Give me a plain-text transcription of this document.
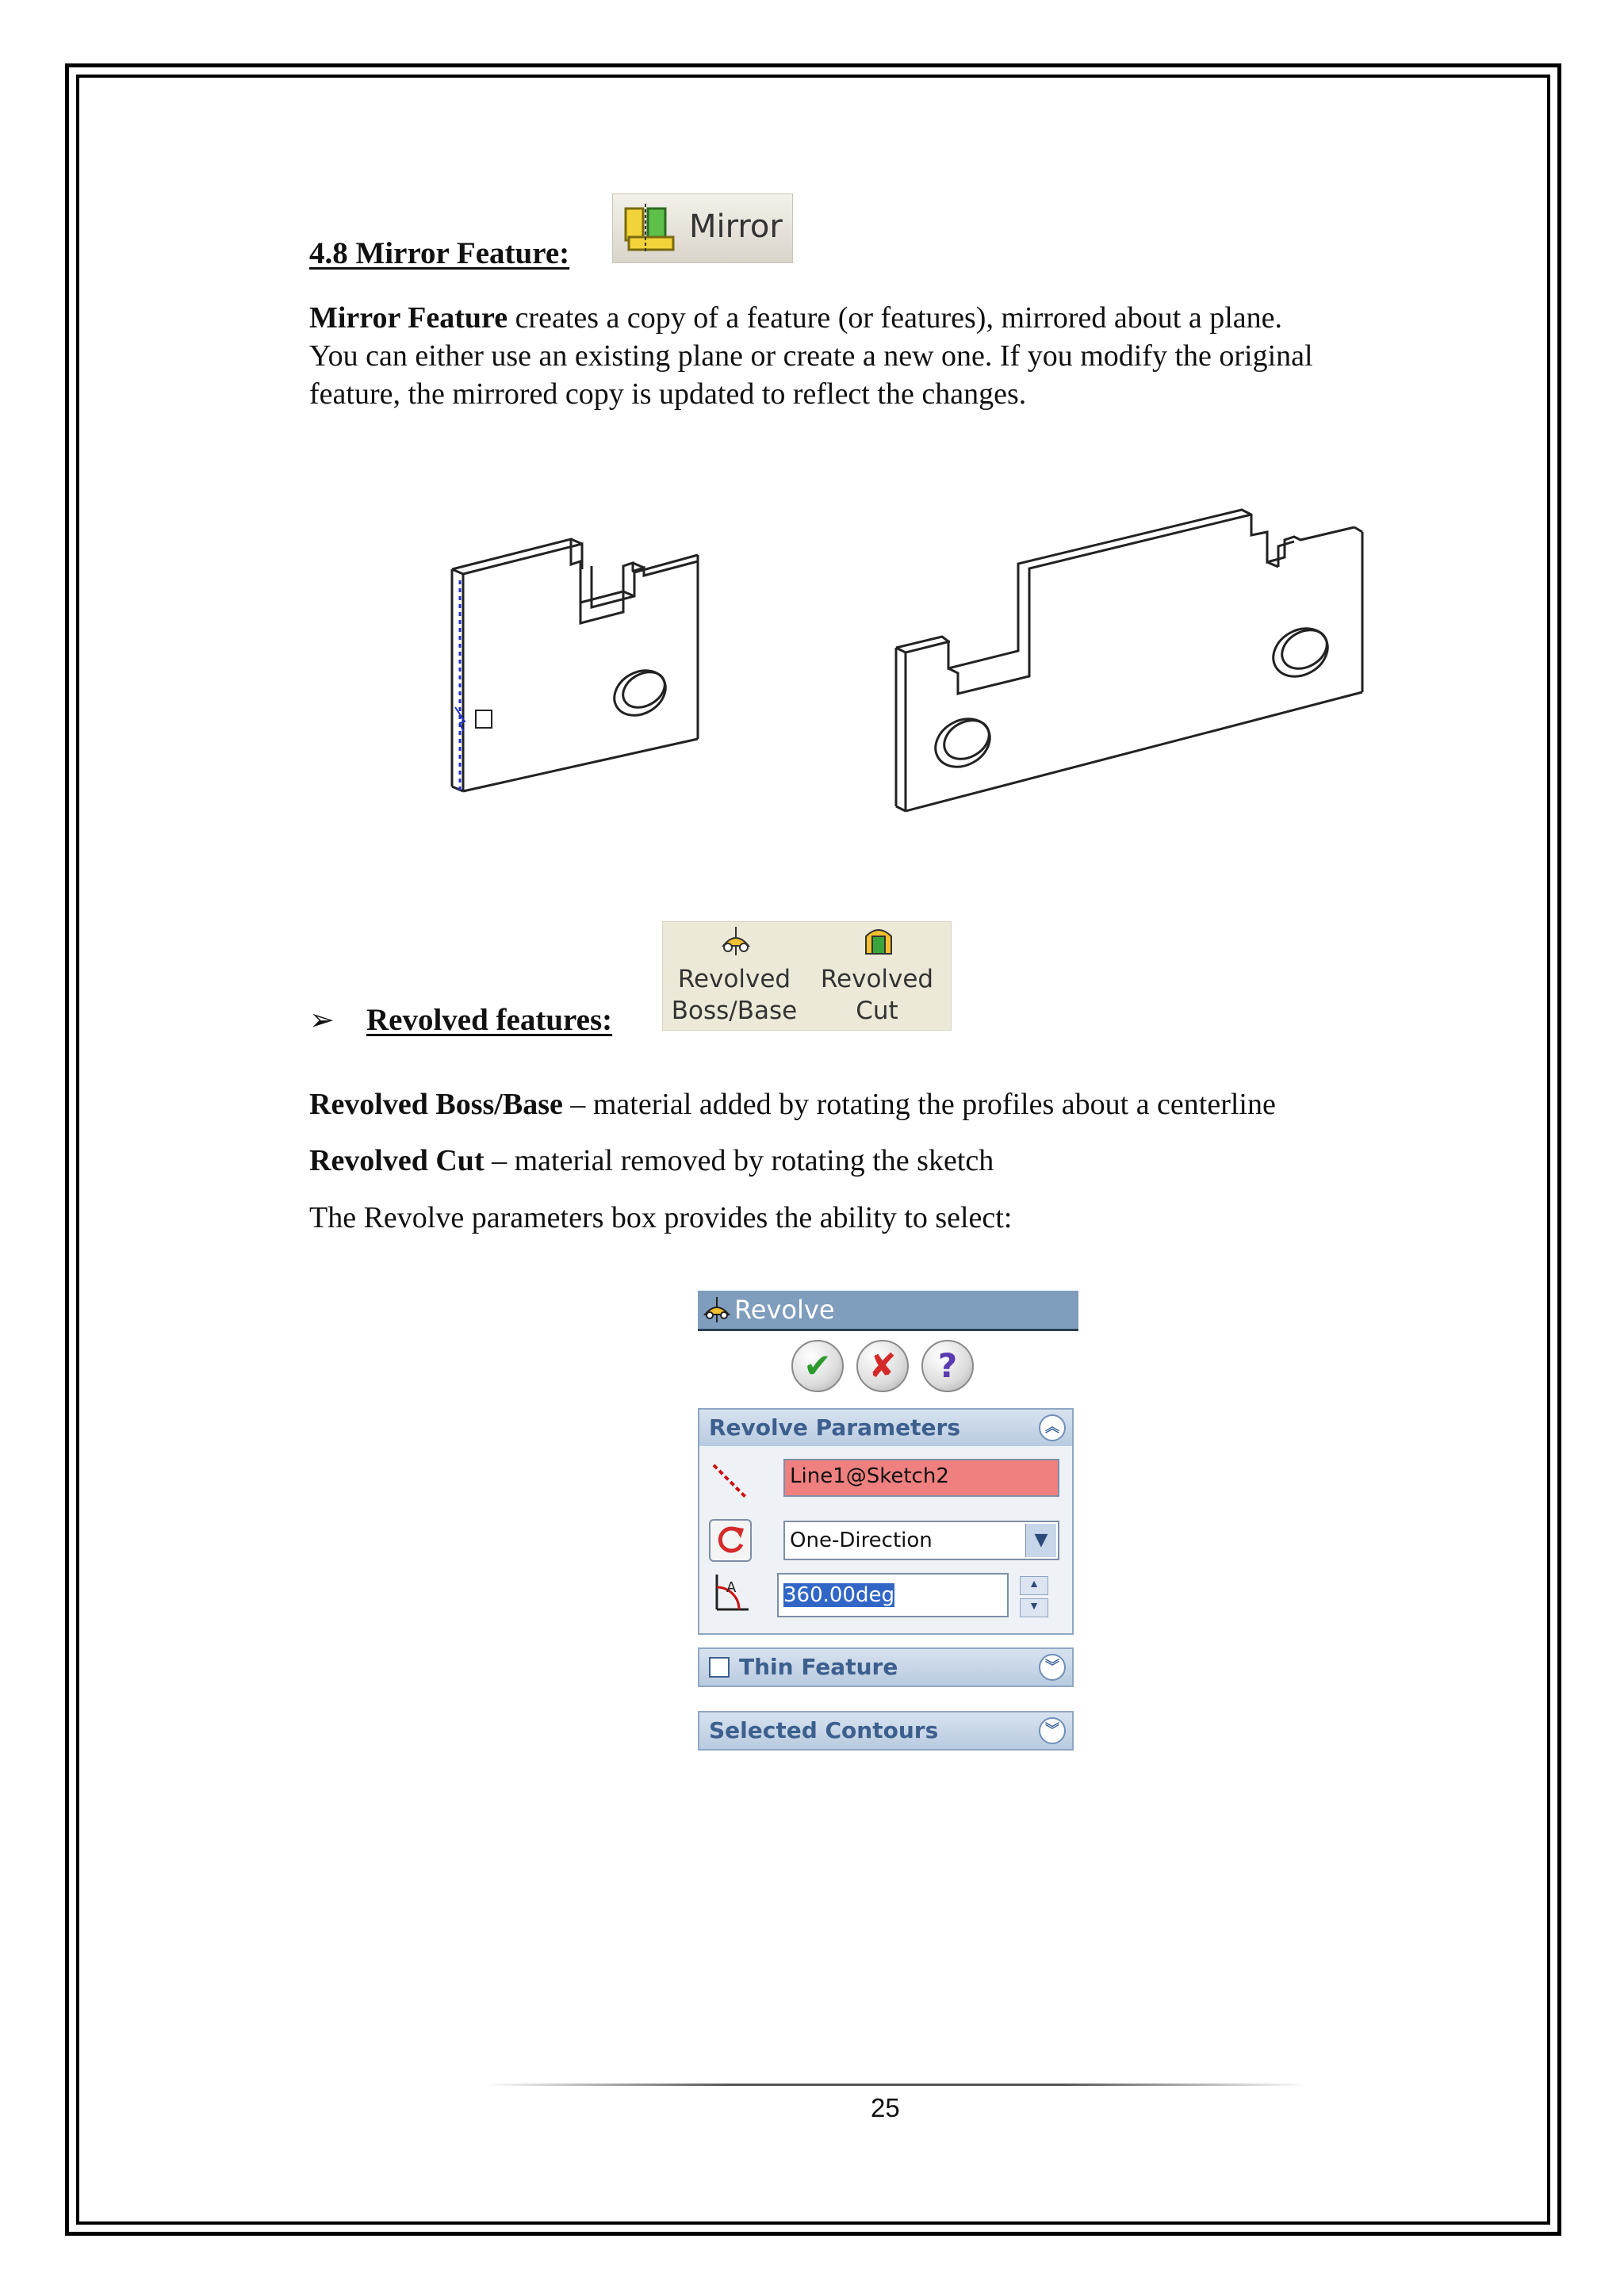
4.8 Mirror Feature:
Mirror
Mirror Feature creates a copy of a feature (or features), mirrored about a plane.
You can either use an existing plane or create a new one. If you modify the original
feature, the mirrored copy is updated to reflect the changes.
➢ Revolved features:
Revolved
Boss/Base
Revolved
Cut
Revolved Boss/Base – material added by rotating the profiles about a centerline
Revolved Cut – material removed by rotating the sketch
The Revolve parameters box provides the ability to select:
Revolve
✔	✘	?
Revolve Parameters	︽
Line1@Sketch2
One-Direction	▼
A	360.00deg	▲
▼
Thin Feature	︾
Selected Contours	︾
25
